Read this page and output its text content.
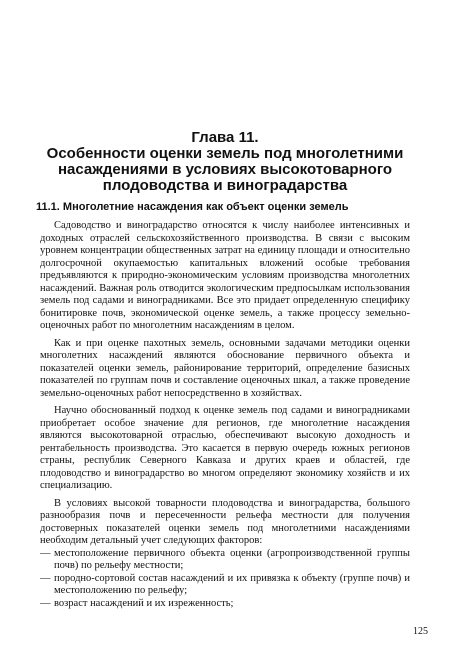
Глава 11.
Особенности оценки земель под многолетними насаждениями в условиях высокотоварного плодоводства и виноградарства
11.1. Многолетние насаждения как объект оценки земель

Садоводство и виноградарство относятся к числу наиболее интенсивных и доходных отраслей сельскохозяйственного производства. В связи с высоким уровнем концентрации общественных затрат на единицу площади и относительно долгосрочной окупаемостью капитальных вложений особые требования предъявляются к природно-экономическим условиям производства многолетних насаждений. Важная роль отводится экологическим предпосылкам использования земель под садами и виноградниками. Все это придает определенную специфику бонитировке почв, экономической оценке земель, а также процессу земельно-оценочных работ по многолетним насаждениям в целом.

Как и при оценке пахотных земель, основными задачами методики оценки многолетних насаждений являются обоснование первичного объекта и показателей оценки земель, районирование территорий, определение базисных показателей по группам почв и составление оценочных шкал, а также проведение земельно-оценочных работ непосредственно в хозяйствах.

Научно обоснованный подход к оценке земель под садами и виноградниками приобретает особое значение для регионов, где многолетние насаждения являются высокотоварной отраслью, обеспечивают высокую доходность и рентабельность производства. Это касается в первую очередь южных регионов страны, республик Северного Кавказа и других краев и областей, где плодоводство и виноградарство во многом определяют экономику хозяйств и их специализацию.

В условиях высокой товарности плодоводства и виноградарства, большого разнообразия почв и пересеченности рельефа местности для получения достоверных показателей оценки земель под многолетними насаждениями необходим детальный учет следующих факторов:

— местоположение первичного объекта оценки (агропроизводственной группы почв) по рельефу местности;
— породно-сортовой состав насаждений и их привязка к объекту (группе почв) и местоположению по рельефу;
— возраст насаждений и их изреженность;
125
